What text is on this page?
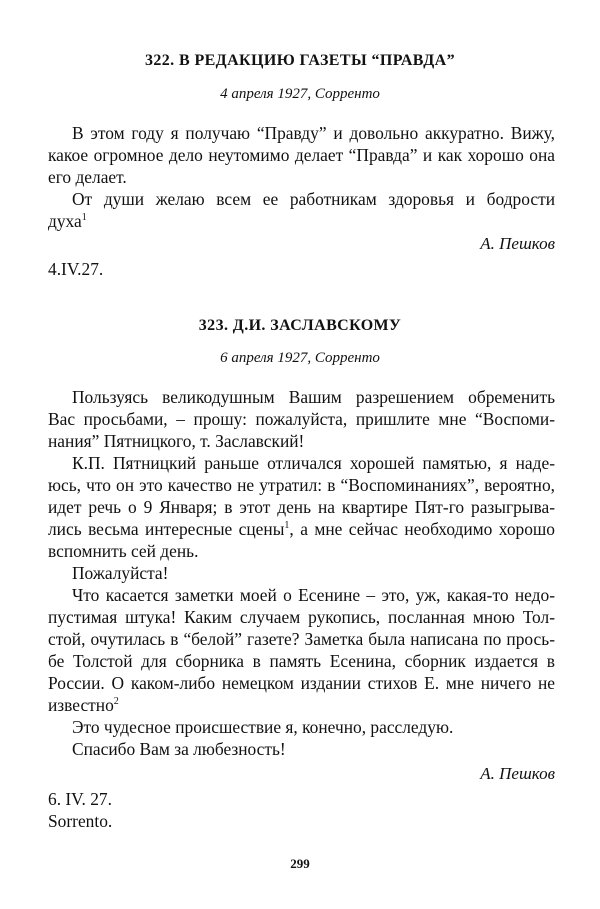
322. В РЕДАКЦИЮ ГАЗЕТЫ “ПРАВДА”
4 апреля 1927, Сорренто
В этом году я получаю “Правду” и довольно аккуратно. Вижу,
какое огромное дело неутомимо делает “Правда” и как хорошо она
его делает.
От души желаю всем ее работникам здоровья и бодрости
духа$^1$
А. Пешков
4.IV.27.
323. Д.И. ЗАСЛАВСКОМУ
6 апреля 1927, Сорренто
Пользуясь великодушным Вашим разрешением обременить
Вас просьбами, – прошу: пожалуйста, пришлите мне “Воспоми-
нания” Пятницкого, т. Заславский!
К.П. Пятницкий раньше отличался хорошей памятью, я наде-
юсь, что он это качество не утратил: в “Воспоминаниях”, вероятно,
идет речь о 9 Января; в этот день на квартире Пят-го разыгрыва-
лись весьма интересные сцены$^1$, а мне сейчас необходимо хорошо
вспомнить сей день.
Пожалуйста!
Что касается заметки моей о Есенине – это, уж, какая-то недо-
пустимая штука! Каким случаем рукопись, посланная мною Тол-
стой, очутилась в “белой” газете? Заметка была написана по прось-
бе Толстой для сборника в память Есенина, сборник издается в
России. О каком-либо немецком издании стихов Е. мне ничего не
известно$^2$
Это чудесное происшествие я, конечно, расследую.
Спасибо Вам за любезность!
А. Пешков
6. IV. 27.
Sorrento.
299
